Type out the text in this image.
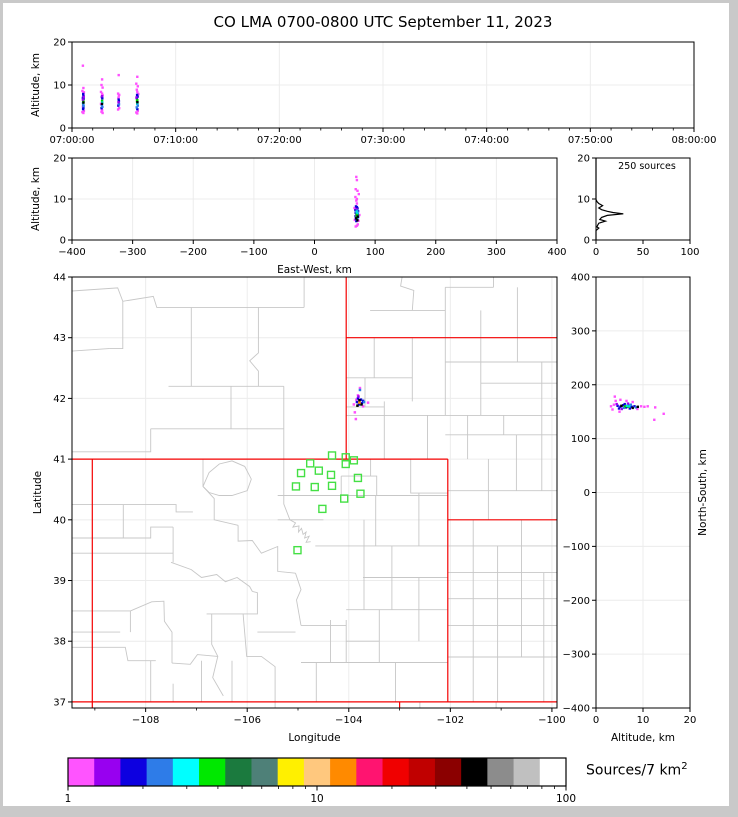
CO LMA 0700-0800 UTC September 11, 2023
07:00:00	07:10:00	07:20:00	07:30:00	07:40:00	07:50:00	08:00:00
0
10
20
Altitude, km
−400	−300	−200	−100	0	100	200	300	400
0
10
20
Altitude, km
East-West, km
250 sources
0	50	100
0
10
20
−108	−106	−104	−102	−100
37
38
39
40
41
42
43
44
Latitude
Longitude
0	10	20
400
300
200
100
0
−100
−200
−300
−400
North-South, km
Altitude, km
1	10	100
Sources/7 $km^2$
